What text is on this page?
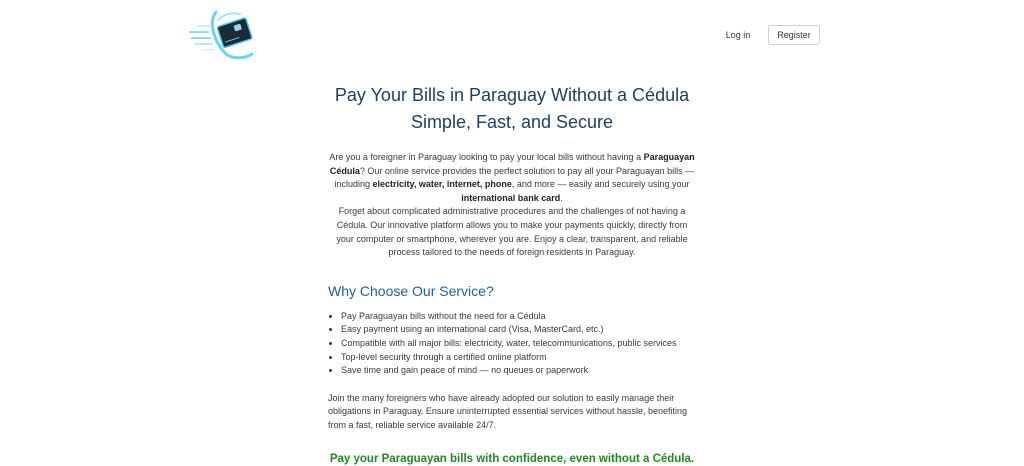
Log in	Register
Pay Your Bills in Paraguay Without a Cédula
Simple, Fast, and Secure

Are you a foreigner in Paraguay looking to pay your local bills without having a Paraguayan Cédula? Our online service provides the perfect solution to pay all your Paraguayan bills — including electricity, water, internet, phone, and more — easily and securely using your international bank card.
Forget about complicated administrative procedures and the challenges of not having a Cédula. Our innovative platform allows you to make your payments quickly, directly from your computer or smartphone, wherever you are. Enjoy a clear, transparent, and reliable process tailored to the needs of foreign residents in Paraguay.

Why Choose Our Service?
• Pay Paraguayan bills without the need for a Cédula
• Easy payment using an international card (Visa, MasterCard, etc.)
• Compatible with all major bills: electricity, water, telecommunications, public services
• Top-level security through a certified online platform
• Save time and gain peace of mind — no queues or paperwork

Join the many foreigners who have already adopted our solution to easily manage their obligations in Paraguay. Ensure uninterrupted essential services without hassle, benefiting from a fast, reliable service available 24/7.

Pay your Paraguayan bills with confidence, even without a Cédula.
